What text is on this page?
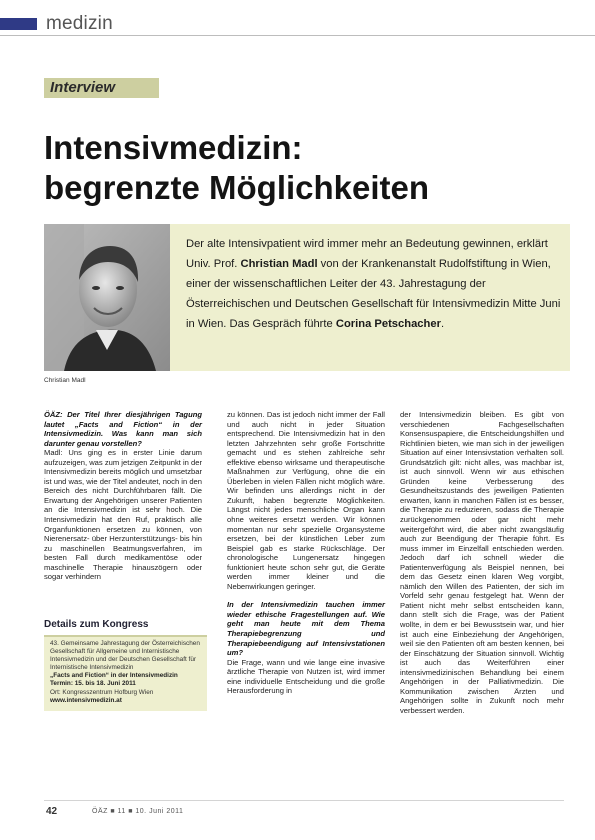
medizin
Interview
Intensivmedizin:
begrenzte Möglichkeiten
Christian Madl
Der alte Intensivpatient wird immer mehr an Bedeutung gewinnen, erklärt Univ. Prof. Christian Madl von der Krankenanstalt Rudolfstiftung in Wien, einer der wissenschaftlichen Leiter der 43. Jahrestagung der Österreichischen und Deutschen Gesellschaft für Intensivmedizin Mitte Juni in Wien. Das Gespräch führte Corina Petschacher.
ÖÄZ: Der Titel Ihrer diesjährigen Tagung lautet „Facts and Fiction“ in der Intensivmedizin. Was kann man sich darunter genau vorstellen?
Madl: Uns ging es in erster Linie darum aufzuzeigen, was zum jetzigen Zeitpunkt in der Intensivmedizin bereits möglich und umsetzbar ist und was, wie der Titel andeutet, noch in den Bereich des nicht Durchführbaren fällt. Die Erwartung der Angehörigen unserer Patienten an die Intensivmedizin ist sehr hoch. Die Intensivmedizin hat den Ruf, praktisch alle Organfunktionen ersetzen zu können, von Nierenersatz- über Herzunterstützungs- bis hin zu maschinellen Beatmungsverfahren, im besten Fall durch medikamentöse oder maschinelle Therapie hinauszögern oder sogar verhindern
Details zum Kongress
43. Gemeinsame Jahrestagung der Österreichischen Gesellschaft für Allgemeine und Internistische Intensivmedizin und der Deutschen Gesellschaft für Internistische Intensivmedizin
„Facts and Fiction“ in der Intensivmedizin
Termin: 15. bis 18. Juni 2011
Ort: Kongresszentrum Hofburg Wien
www.intensivmedizin.at
zu können. Das ist jedoch nicht immer der Fall und auch nicht in jeder Situation entsprechend. Die Intensivmedizin hat in den letzten Jahrzehnten sehr große Fortschritte gemacht und es stehen zahlreiche sehr effektive ebenso wirksame und therapeutische Maßnahmen zur Verfügung, ohne die ein Überleben in vielen Fällen nicht möglich wäre. Wir befinden uns allerdings nicht in der Zukunft, haben begrenzte Möglichkeiten. Längst nicht jedes menschliche Organ kann ohne weiteres ersetzt werden. Wir können momentan nur sehr spezielle Organsysteme ersetzen, bei der künstlichen Leber zum Beispiel gab es starke Rückschläge. Der chronologische Lungenersatz hingegen funktioniert heute schon sehr gut, die Geräte werden immer kleiner und die Nebenwirkungen geringer.
In der Intensivmedizin tauchen immer wieder ethische Fragestellungen auf. Wie geht man heute mit dem Thema Therapiebegrenzung und Therapiebeendigung auf Intensivstationen um?
Die Frage, wann und wie lange eine invasive ärztliche Therapie von Nutzen ist, wird immer eine individuelle Entscheidung und die große Herausforderung in
der Intensivmedizin bleiben. Es gibt von verschiedenen Fachgesellschaften Konsensuspapiere, die Entscheidungshilfen und Richtlinien bieten, wie man sich in der jeweiligen Situation auf einer Intensivstation verhalten soll. Grundsätzlich gilt: nicht alles, was machbar ist, ist auch sinnvoll. Wenn wir aus ethischen Gründen keine Verbesserung des Gesundheitszustands des jeweiligen Patienten erwarten, kann in manchen Fällen ist es besser, die Therapie zu reduzieren, sodass die Therapie zurückgenommen oder gar nicht mehr weitergeführt wird, die aber nicht zwangsläufig auch zur Beendigung der Therapie führt. Es muss immer im Einzelfall entschieden werden. Jedoch darf ich schnell wieder die Patientenverfügung als Beispiel nennen, bei dem das Gesetz einen klaren Weg vorgibt, nämlich den Willen des Patienten, der sich im Vorfeld sehr genau festgelegt hat. Wenn der Patient nicht mehr selbst entscheiden kann, dann stellt sich die Frage, was der Patient wollte, in dem er bei Bewusstsein war, und hier ist auch eine Einbeziehung der Angehörigen, weil sie den Patienten oft am besten kennen, bei der Einschätzung der Situation sinnvoll. Wichtig ist auch das Weiterführen einer intensivmedizinischen Behandlung bei einem Angehörigen in der Palliativmedizin. Die Kommunikation zwischen Ärzten und Angehörigen sollte in Zukunft noch mehr verbessert werden.
42	ÖÄZ ■ 11 ■ 10. Juni 2011
